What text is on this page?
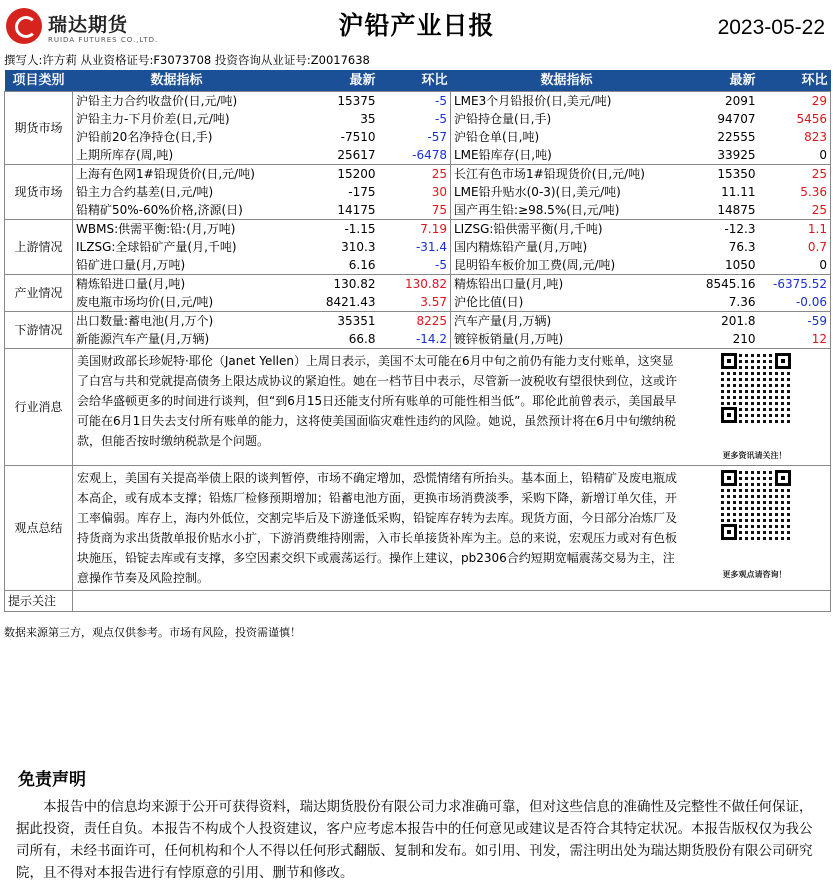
瑞达期货
RUIDA FUTURES CO.,LTD.	沪铅产业日报	2023-05-22
撰写人:许方莉 从业资格证号:F3073708 投资咨询从业证号:Z0017638
项目类别	数据指标	最新	环比	数据指标	最新	环比
期货市场	沪铅主力合约收盘价(日,元/吨)	15375	-5	LME3个月铅报价(日,美元/吨)	2091	29
	沪铅主力-下月价差(日,元/吨)	35	-5	沪铅持仓量(日,手)	94707	5456
	沪铅前20名净持仓(日,手)	-7510	-57	沪铅仓单(日,吨)	22555	823
	上期所库存(周,吨)	25617	-6478	LME铅库存(日,吨)	33925	0
现货市场	上海有色网1#铅现货价(日,元/吨)	15200	25	长江有色市场1#铅现货价(日,元/吨)	15350	25
	铅主力合约基差(日,元/吨)	-175	30	LME铅升贴水(0-3)(日,美元/吨)	11.11	5.36
	铅精矿50%-60%价格,济源(日)	14175	75	国产再生铅:≥98.5%(日,元/吨)	14875	25
上游情况	WBMS:供需平衡:铅:(月,万吨)	-1.15	7.19	LIZSG:铅供需平衡(月,千吨)	-12.3	1.1
	ILZSG:全球铅矿产量(月,千吨)	310.3	-31.4	国内精炼铅产量(月,万吨)	76.3	0.7
	铅矿进口量(月,万吨)	6.16	-5	昆明铅车板价加工费(周,元/吨)	1050	0
产业情况	精炼铅进口量(月,吨)	130.82	130.82	精炼铅出口量(月,吨)	8545.16	-6375.52
	废电瓶市场均价(日,元/吨)	8421.43	3.57	沪伦比值(日)	7.36	-0.06
下游情况	出口数量:蓄电池(月,万个)	35351	8225	汽车产量(月,万辆)	201.8	-59
	新能源汽车产量(月,万辆)	66.8	-14.2	镀锌板销量(月,万吨)	210	12
行业消息	美国财政部长珍妮特·耶伦（Janet Yellen）上周日表示，美国不太可能在6月中旬之前仍有能力支付账单，这突显了白宫与共和党就提高债务上限达成协议的紧迫性。她在一档节目中表示，尽管新一波税收有望很快到位，这或许会给华盛顿更多的时间进行谈判，但“到6月15日还能支付所有账单的可能性相当低”。耶伦此前曾表示，美国最早可能在6月1日失去支付所有账单的能力，这将使美国面临灾难性违约的风险。她说，虽然预计将在6月中旬缴纳税款，但能否按时缴纳税款是个问题。				更多资讯请关注！	

观点总结	宏观上，美国有关提高举债上限的谈判暂停，市场不确定增加，恐慌情绪有所抬头。基本面上，铅精矿及废电瓶成本高企，或有成本支撑；铅炼厂检修预期增加；铅蓄电池方面，更换市场消费淡季，采购下降，新增订单欠佳，开工率偏弱。库存上，海内外低位，交割完毕后及下游逢低采购，铅锭库存转为去库。现货方面，今日部分冶炼厂及持货商为求出货散单报价贴水小扩，下游消费维持刚需，入市长单接货补库为主。总的来说，宏观压力或对有色板块施压，铅锭去库或有支撑，多空因素交织下或震荡运行。操作上建议，pb2306合约短期宽幅震荡交易为主，注意操作节奏及风险控制。				更多观点请咨询！	

提示关注						
数据来源第三方，观点仅供参考。市场有风险，投资需谨慎！
免责声明
本报告中的信息均来源于公开可获得资料，瑞达期货股份有限公司力求准确可靠，但对这些信息的准确性及完整性不做任何保证，据此投资，责任自负。本报告不构成个人投资建议，客户应考虑本报告中的任何意见或建议是否符合其特定状况。本报告版权仅为我公司所有，未经书面许可，任何机构和个人不得以任何形式翻版、复制和发布。如引用、刊发，需注明出处为瑞达期货股份有限公司研究院，且不得对本报告进行有悖原意的引用、删节和修改。
